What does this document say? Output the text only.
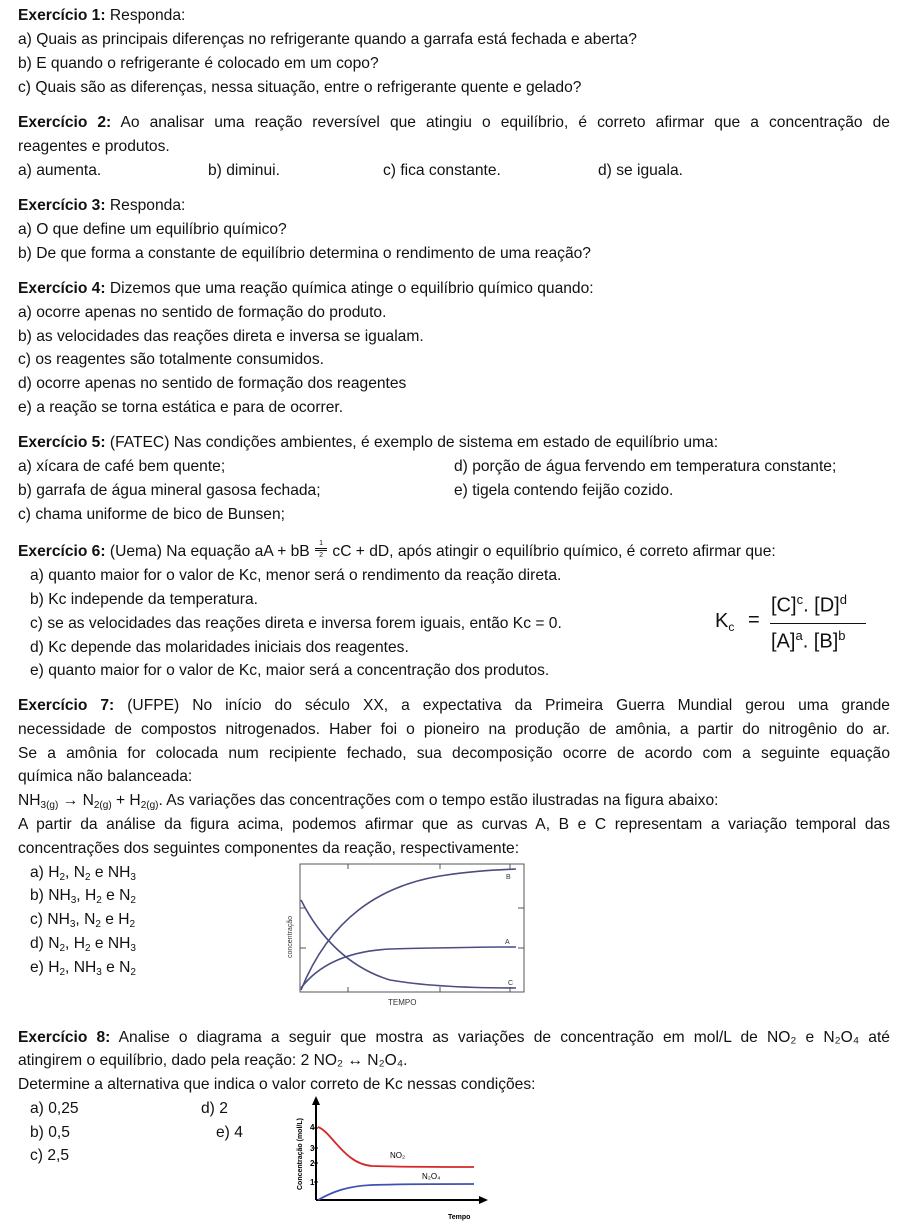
Exercício 1: Responda:
a) Quais as principais diferenças no refrigerante quando a garrafa está fechada e aberta?
b) E quando o refrigerante é colocado em um copo?
c) Quais são as diferenças, nessa situação, entre o refrigerante quente e gelado?
Exercício 2: Ao analisar uma reação reversível que atingiu o equilíbrio, é correto afirmar que a concentração de
reagentes e produtos.
a) aumenta.	b) diminui.	c) fica constante.	d) se iguala.
Exercício 3: Responda:
a) O que define um equilíbrio químico?
b) De que forma a constante de equilíbrio determina o rendimento de uma reação?
Exercício 4: Dizemos que uma reação química atinge o equilíbrio químico quando:
a) ocorre apenas no sentido de formação do produto.
b) as velocidades das reações direta e inversa se igualam.
c) os reagentes são totalmente consumidos.
d) ocorre apenas no sentido de formação dos reagentes
e) a reação se torna estática e para de ocorrer.
Exercício 5: (FATEC) Nas condições ambientes, é exemplo de sistema em estado de equilíbrio uma:
a) xícara de café bem quente;	d) porção de água fervendo em temperatura constante;
b) garrafa de água mineral gasosa fechada;	e) tigela contendo feijão cozido.
c) chama uniforme de bico de Bunsen;
Exercício 6: (Uema) Na equação aA + bB $\frac{1}{2}$ cC + dD, após atingir o equilíbrio químico, é correto afirmar que:
a) quanto maior for o valor de Kc, menor será o rendimento da reação direta.
b) Kc independe da temperatura.
c) se as velocidades das reações direta e inversa forem iguais, então Kc = 0.
d) Kc depende das molaridades iniciais dos reagentes.
e) quanto maior for o valor de Kc, maior será a concentração dos produtos.
$K_c$ =
$[C]^c$. $[D]^d$
$[A]^a$. $[B]^b$
Exercício 7: (UFPE) No início do século XX, a expectativa da Primeira Guerra Mundial gerou uma grande
necessidade de compostos nitrogenados. Haber foi o pioneiro na produção de amônia, a partir do nitrogênio do ar.
Se a amônia for colocada num recipiente fechado, sua decomposição ocorre de acordo com a seguinte equação
química não balanceada:
$NH_{3(g)} \to N_{2(g)} + H_{2(g)}$. As variações das concentrações com o tempo estão ilustradas na figura abaixo:
A partir da análise da figura acima, podemos afirmar que as curvas A, B e C representam a variação temporal das
concentrações dos seguintes componentes da reação, respectivamente:
a) $H_2$, $N_2$ e $NH_3$
b) $NH_3$, $H_2$ e $N_2$
c) $NH_3$, $N_2$ e $H_2$
d) $N_2$, $H_2$ e $NH_3$
e) $H_2$, $NH_3$ e $N_2$
B
A
C
concentração
TEMPO
Exercício 8: Analise o diagrama a seguir que mostra as variações de concentração em mol/L de NO₂ e N₂O₄ até
atingirem o equilíbrio, dado pela reação: 2 NO₂ ↔ N₂O₄.
Determine a alternativa que indica o valor correto de Kc nessas condições:
a) 0,25	d) 2
b) 0,5	e) 4
c) 2,5
4
3
2
1
NO₂
N₂O₄
Concentração (mol/L)
Tempo
